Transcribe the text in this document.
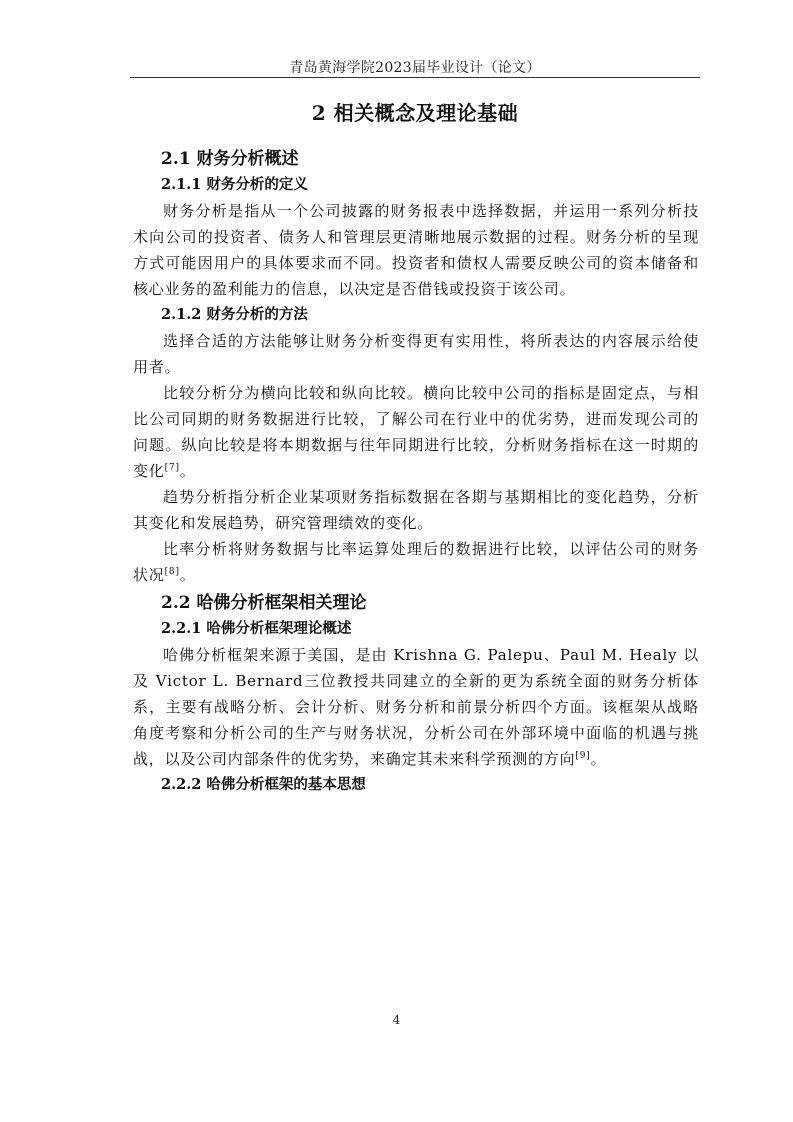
青岛黄海学院2023届毕业设计（论文）
2 相关概念及理论基础
2.1 财务分析概述
2.1.1 财务分析的定义

财务分析是指从一个公司披露的财务报表中选择数据，并运用一系列分析技术向公司的投资者、债务人和管理层更清晰地展示数据的过程。财务分析的呈现方式可能因用户的具体要求而不同。投资者和债权人需要反映公司的资本储备和核心业务的盈利能力的信息，以决定是否借钱或投资于该公司。

2.1.2 财务分析的方法

选择合适的方法能够让财务分析变得更有实用性，将所表达的内容展示给使用者。

比较分析分为横向比较和纵向比较。横向比较中公司的指标是固定点，与相比公司同期的财务数据进行比较，了解公司在行业中的优劣势，进而发现公司的问题。纵向比较是将本期数据与往年同期进行比较，分析财务指标在这一时期的变化[7]。

趋势分析指分析企业某项财务指标数据在各期与基期相比的变化趋势，分析其变化和发展趋势，研究管理绩效的变化。

比率分析将财务数据与比率运算处理后的数据进行比较，以评估公司的财务状况[8]。

2.2 哈佛分析框架相关理论
2.2.1 哈佛分析框架理论概述

哈佛分析框架来源于美国，是由 Krishna G. Palepu、Paul M. Healy 以及 Victor L. Bernard三位教授共同建立的全新的更为系统全面的财务分析体系，主要有战略分析、会计分析、财务分析和前景分析四个方面。该框架从战略角度考察和分析公司的生产与财务状况，分析公司在外部环境中面临的机遇与挑战，以及公司内部条件的优劣势，来确定其未来科学预测的方向[9]。

2.2.2 哈佛分析框架的基本思想
4
